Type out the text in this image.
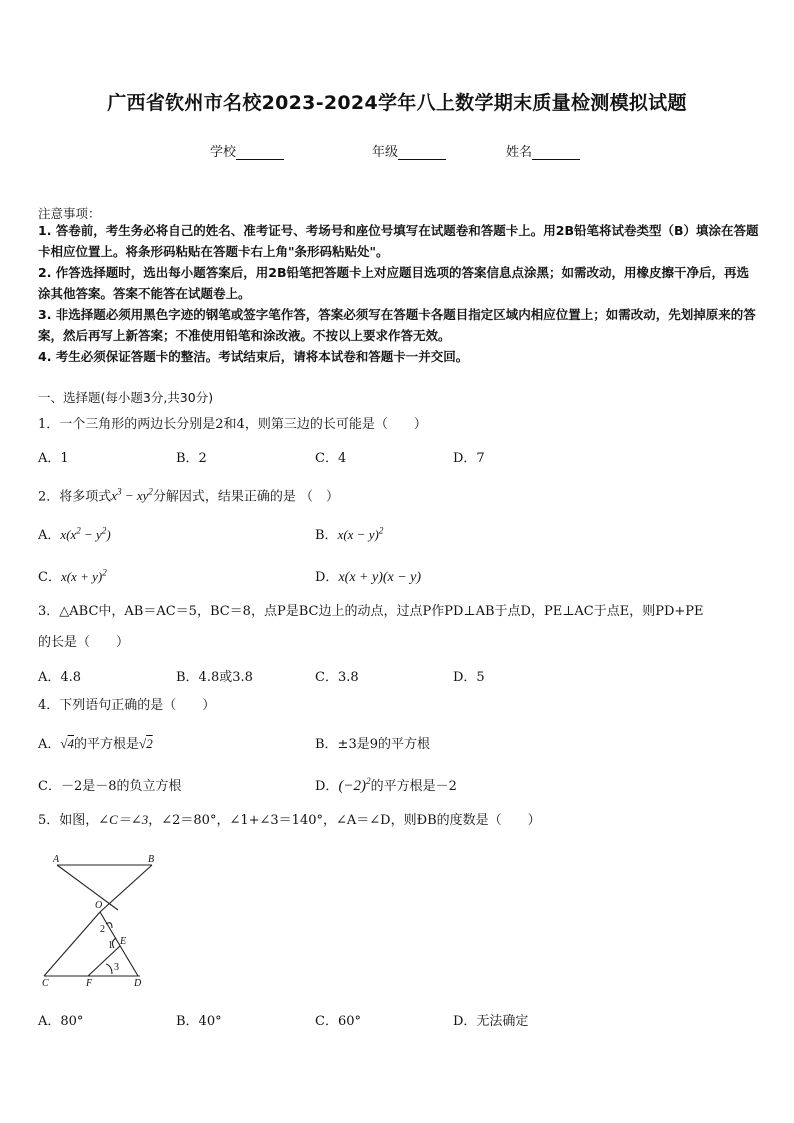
广西省钦州市名校2023-2024学年八上数学期末质量检测模拟试题
学校	年级	姓名
注意事项：
1. 答卷前，考生务必将自己的姓名、准考证号、考场号和座位号填写在试题卷和答题卡上。用2B铅笔将试卷类型（B）填涂在答题卡相应位置上。将条形码粘贴在答题卡右上角"条形码粘贴处"。
2. 作答选择题时，选出每小题答案后，用2B铅笔把答题卡上对应题目选项的答案信息点涂黑；如需改动，用橡皮擦干净后，再选涂其他答案。答案不能答在试题卷上。
3. 非选择题必须用黑色字迹的钢笔或签字笔作答，答案必须写在答题卡各题目指定区域内相应位置上；如需改动，先划掉原来的答案，然后再写上新答案；不准使用铅笔和涂改液。不按以上要求作答无效。
4. 考生必须保证答题卡的整洁。考试结束后，请将本试卷和答题卡一并交回。
一、选择题(每小题3分,共30分)
1．一个三角形的两边长分别是2和4，则第三边的长可能是（　　）
A．1	B．2	C．4	D．7
2．将多项式$x^3 - xy^2$分解因式，结果正确的是 （　）
A．$x(x^2 - y^2)$	B．$x(x - y)^2$
C．$x(x + y)^2$	D．x(x + y)(x − y)
3．△ABC中，AB＝AC＝5，BC＝8，点P是BC边上的动点，过点P作PD⊥AB于点D，PE⊥AC于点E，则PD+PE
的长是（　　）
A．4.8	B．4.8或3.8	C．3.8	D．5
4．下列语句正确的是（　　）
A．√4的平方根是√2	B．±3是9的平方根
C．－2是－8的负立方根	D．$(-2)^2$的平方根是－2
5．如图，∠C＝∠3，∠2＝80°，∠1+∠3＝140°，∠A＝∠D，则ÐB的度数是（　　）
A	B
O
C	D
E
F
2
1
3
A．80°	B．40°	C．60°	D．无法确定
